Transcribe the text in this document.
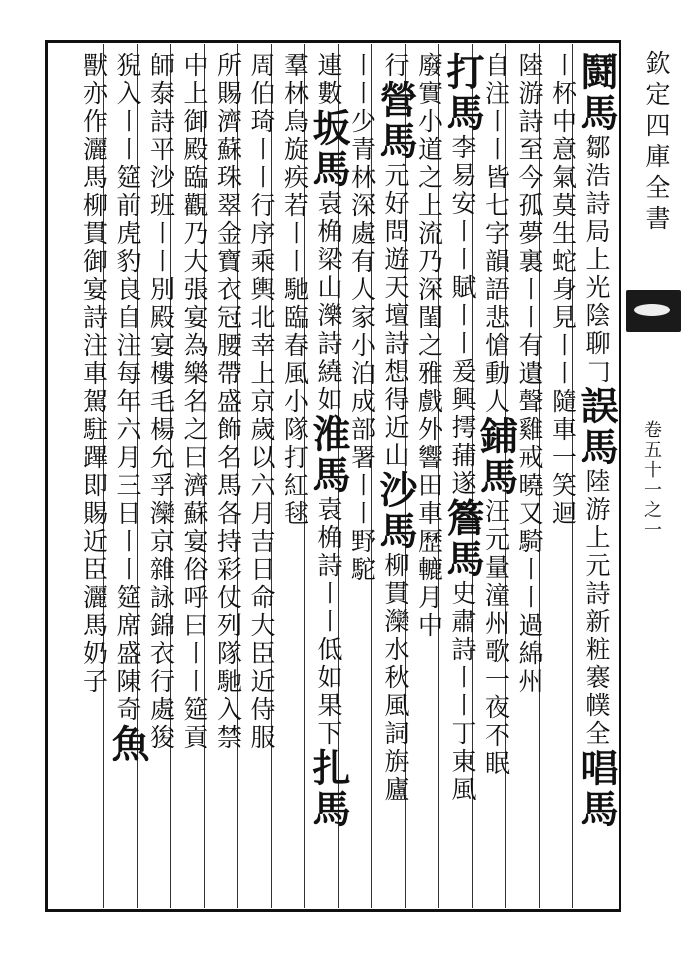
欽定四庫全書
卷五十一之一
鬪馬鄒浩詩局上光陰聊𠃌誤馬陸游上元詩新粧褰幞全唱馬
〡杯中意氣莫生蛇身見〡〡隨車一笑迴
陸游詩至今孤夢裏〡〡有遺聲雞戒曉又騎〡〡過綿州
自注〡〡皆七字韻語悲愴動人鋪馬汪元量潼州歌一夜不眠
打馬李易安〡〡賦〡〡爰興摴蒱遂簷馬史肅詩〡〡丁東風
廢實小道之上流乃深閨之雅戲外響田車歷轆月中
行營馬元好問遊天壇詩想得近山沙馬柳貫灤水秋風詞旃廬
〡〡少青林深處有人家小泊成部署〡〡野駝
連數坂馬袁桷梁山濼詩繞如淮馬袁桷詩〡〡低如果下扎馬
羣林烏旋疾若〡〡馳臨春風小隊打紅毬
周伯琦〡〡行序乘輿北幸上京歲以六月吉日命大臣近侍服
所賜濟蘇珠翠金寶衣冠腰帶盛飾名馬各持彩仗列隊馳入禁
中上御殿臨觀乃大張宴為樂名之曰濟蘇宴俗呼曰〡〡筵貢
師泰詩平沙班〡〡別殿宴樓毛楊允孚灤京雜詠錦衣行處狻
猊入〡〡筵前虎豹良自注每年六月三日〡〡筵席盛陳奇魚
獸亦作灑馬柳貫御宴詩注車駕駐蹕即賜近臣灑馬奶子
